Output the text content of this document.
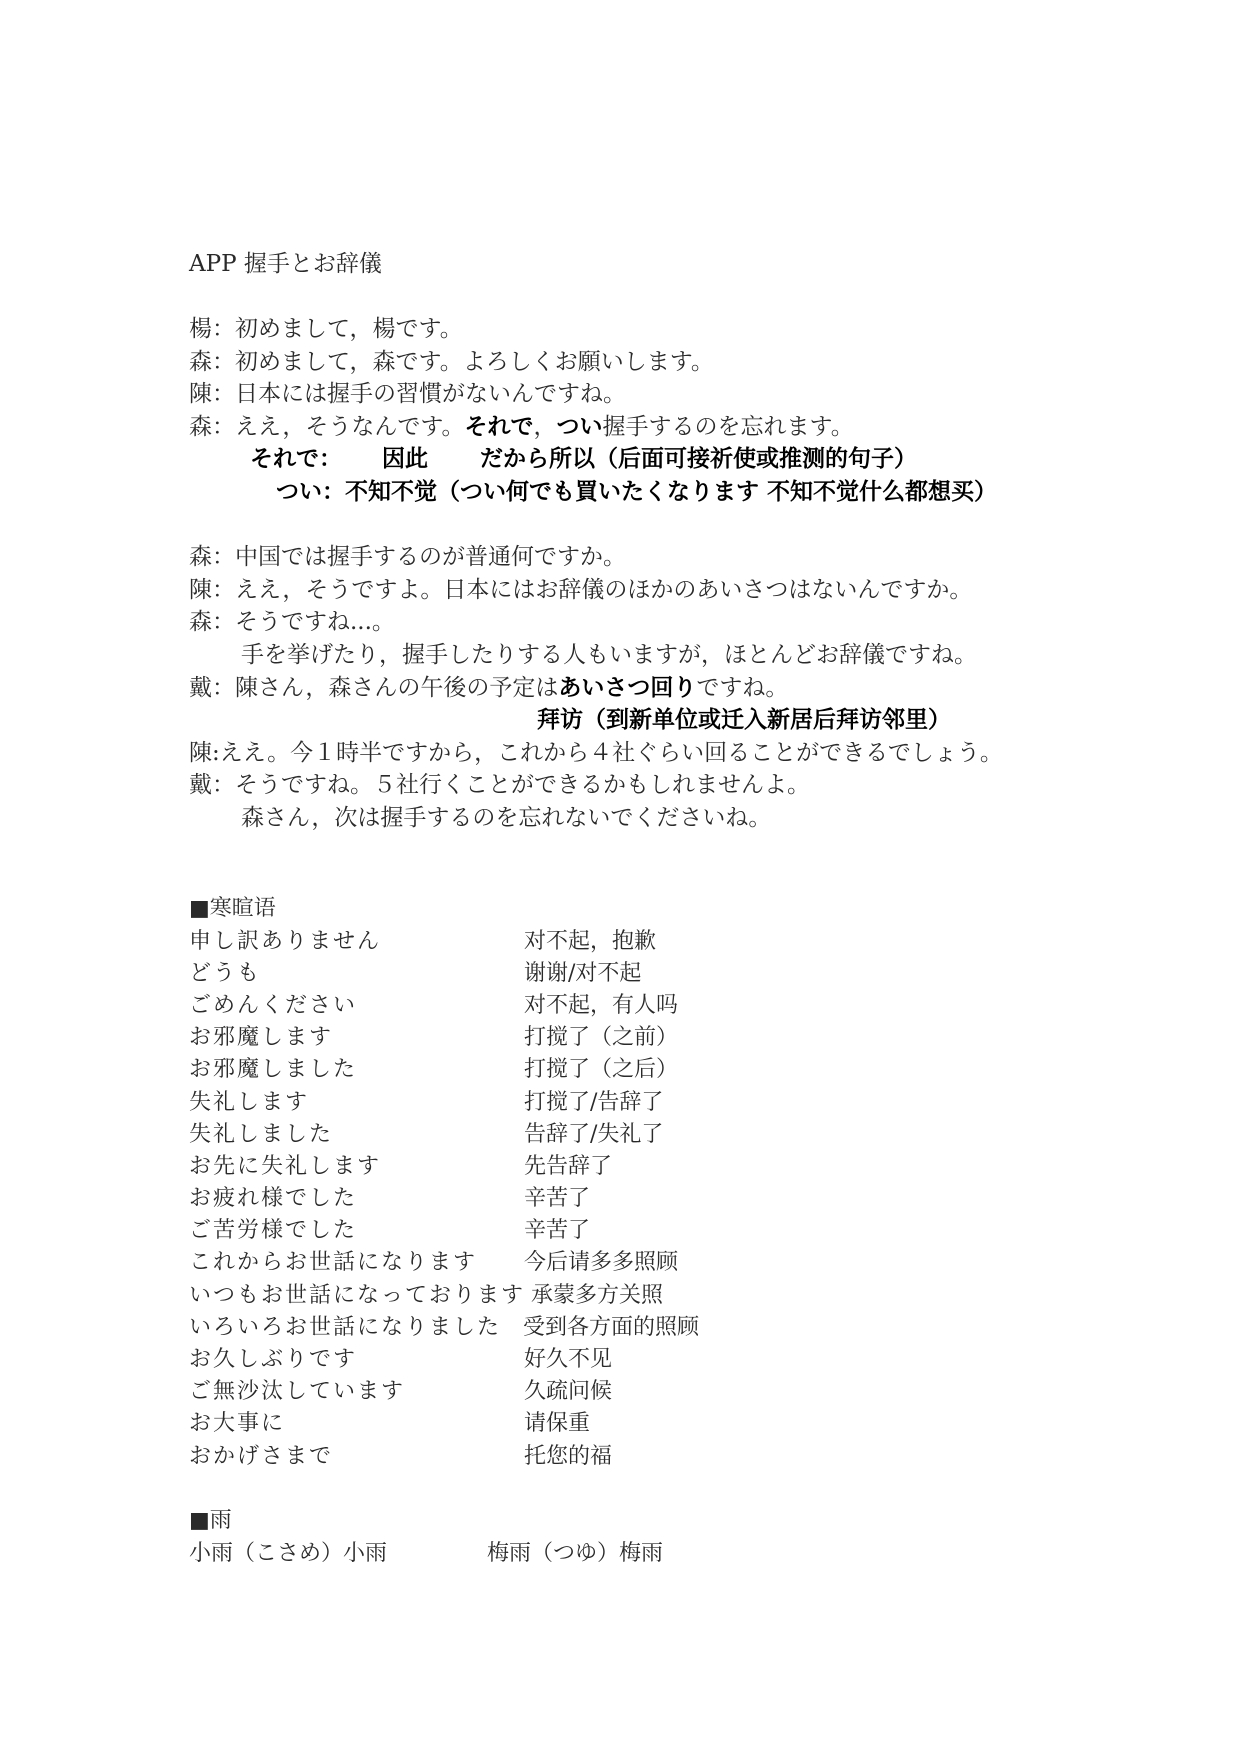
APP 握手とお辞儀
楊：初めまして，楊です。
森：初めまして，森です。よろしくお願いします。
陳：日本には握手の習慣がないんですね。
森：ええ，そうなんです。それで，つい握手するのを忘れます。
それで： 因此 だから所以（后面可接祈使或推测的句子）
つい：不知不觉（つい何でも買いたくなります 不知不觉什么都想买）
森：中国では握手するのが普通何ですか。
陳：ええ，そうですよ。日本にはお辞儀のほかのあいさつはないんですか。
森：そうですね...。
手を挙げたり，握手したりする人もいますが，ほとんどお辞儀ですね。
戴：陳さん，森さんの午後の予定はあいさつ回りですね。
拜访（到新单位或迁入新居后拜访邻里）
陳:ええ。今１時半ですから，これから４社ぐらい回ることができるでしょう。
戴：そうですね。５社行くことができるかもしれませんよ。
森さん，次は握手するのを忘れないでくださいね。
■寒暄语
申し訳ありません	对不起，抱歉
どうも	谢谢/对不起
ごめんください	对不起，有人吗
お邪魔します	打搅了（之前）
お邪魔しました	打搅了（之后）
失礼します	打搅了/告辞了
失礼しました	告辞了/失礼了
お先に失礼します	先告辞了
お疲れ様でした	辛苦了
ご苦労様でした	辛苦了
これからお世話になります	今后请多多照顾
いつもお世話になっております 承蒙多方关照
いろいろお世話になりました	受到各方面的照顾
お久しぶりです	好久不见
ご無沙汰しています	久疏问候
お大事に	请保重
おかげさまで	托您的福
■雨
小雨（こさめ）小雨	梅雨（つゆ）梅雨
